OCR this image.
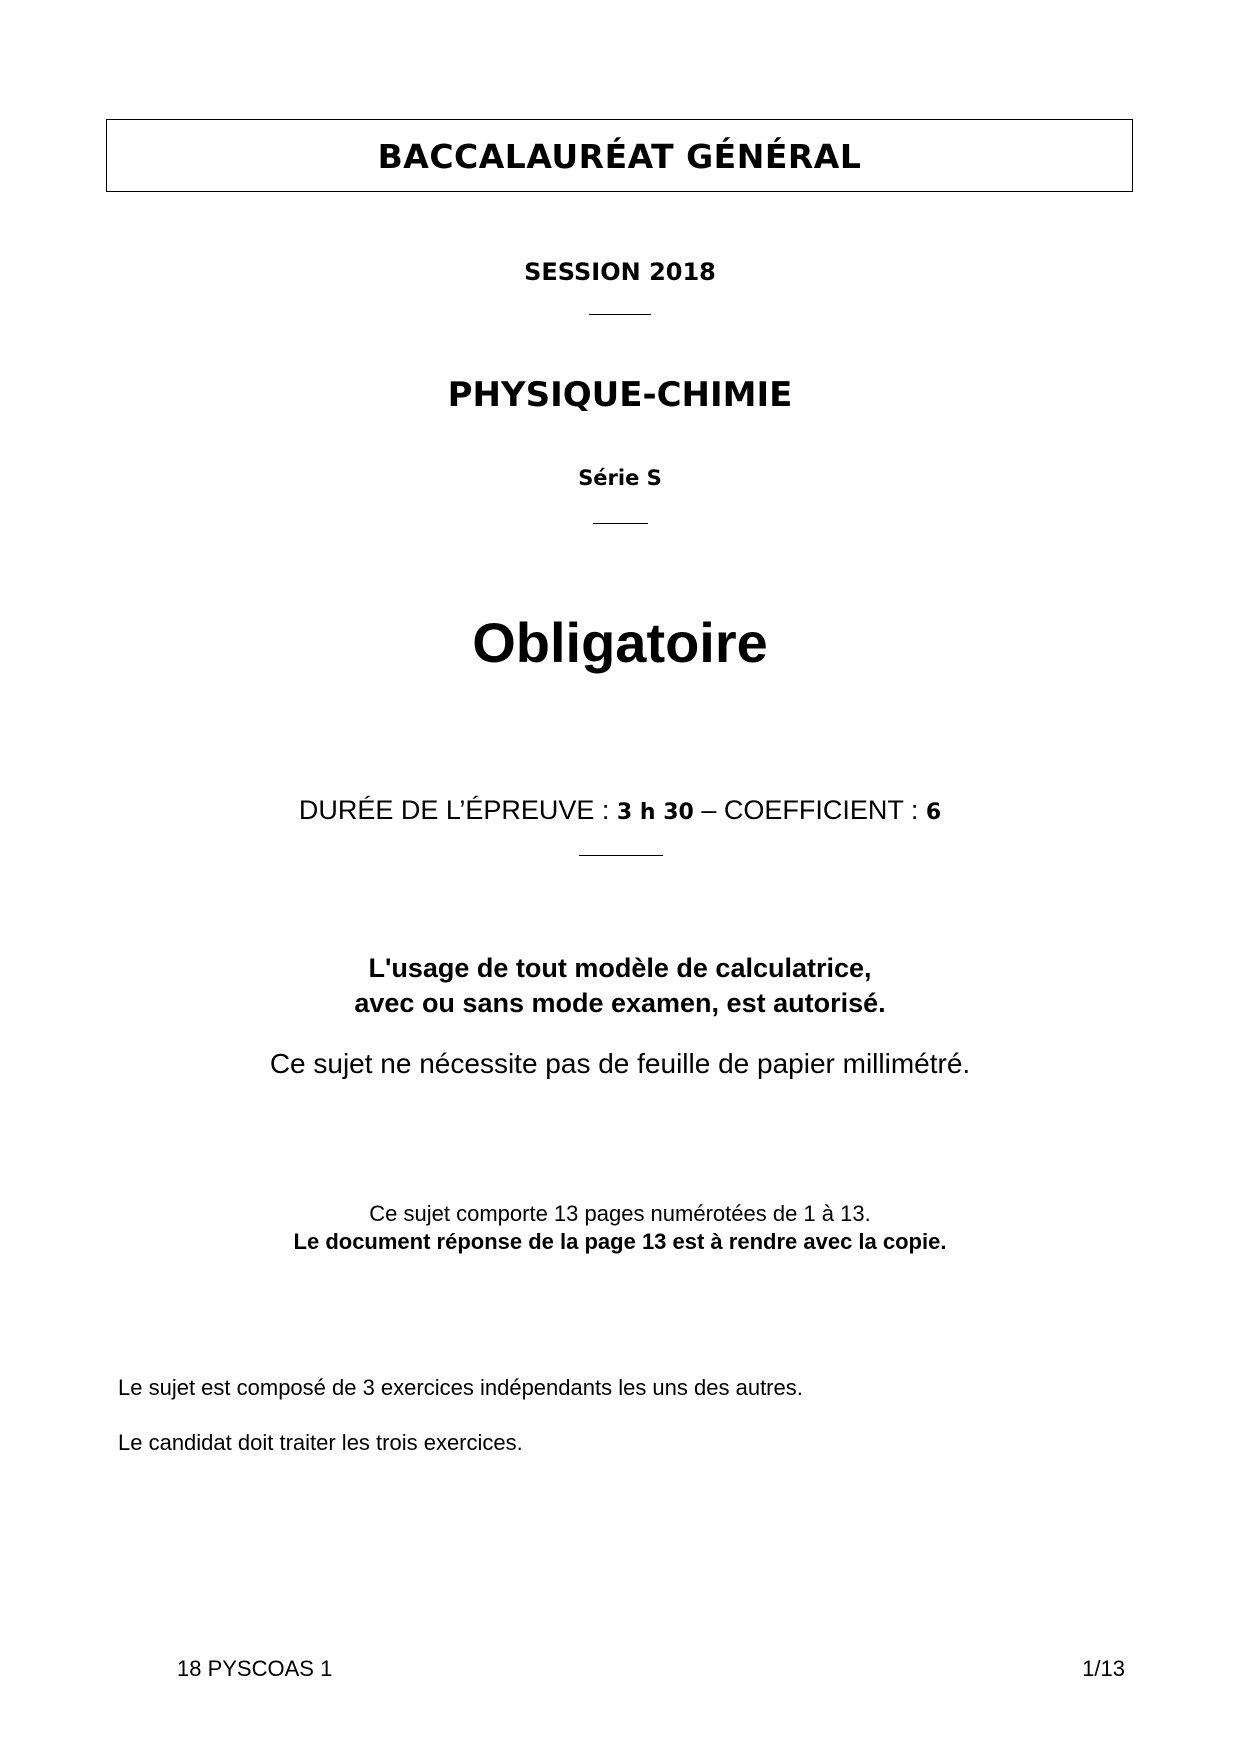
BACCALAURÉAT GÉNÉRAL
SESSION 2018
PHYSIQUE-CHIMIE
Série S
Obligatoire
DURÉE DE L’ÉPREUVE : 3 h 30 – COEFFICIENT : 6
L'usage de tout modèle de calculatrice,
avec ou sans mode examen, est autorisé.
Ce sujet ne nécessite pas de feuille de papier millimétré.
Ce sujet comporte 13 pages numérotées de 1 à 13.
Le document réponse de la page 13 est à rendre avec la copie.
Le sujet est composé de 3 exercices indépendants les uns des autres.
Le candidat doit traiter les trois exercices.
18 PYSCOAS 1	1/13
